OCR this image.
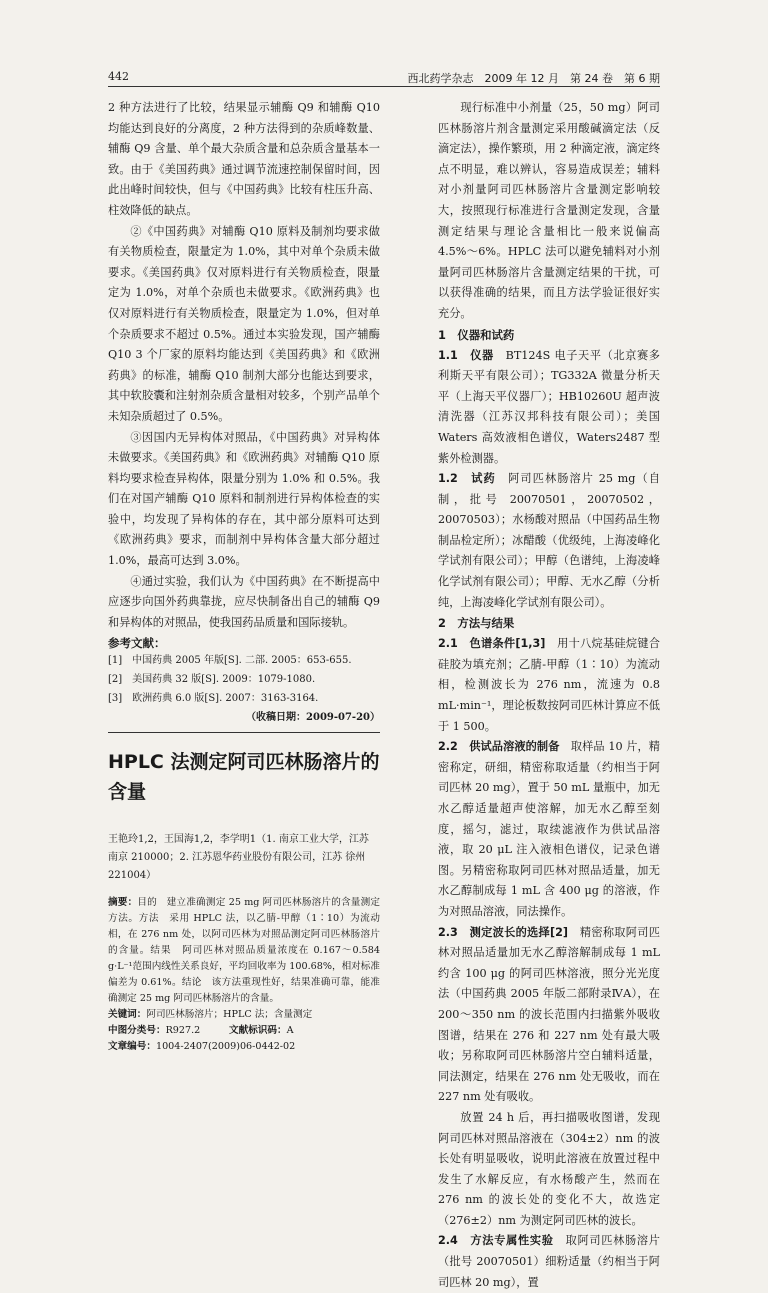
442	西北药学杂志　2009 年 12 月　第 24 卷　第 6 期

2 种方法进行了比较，结果显示辅酶 Q9 和辅酶 Q10 均能达到良好的分离度，2 种方法得到的杂质峰数量、辅酶 Q9 含量、单个最大杂质含量和总杂质含量基本一致。由于《美国药典》通过调节流速控制保留时间，因此出峰时间较快，但与《中国药典》比较有柱压升高、柱效降低的缺点。

②《中国药典》对辅酶 Q10 原料及制剂均要求做有关物质检查，限量定为 1.0%，其中对单个杂质未做要求。《美国药典》仅对原料进行有关物质检查，限量定为 1.0%，对单个杂质也未做要求。《欧洲药典》也仅对原料进行有关物质检查，限量定为 1.0%，但对单个杂质要求不超过 0.5%。通过本实验发现，国产辅酶 Q10 3 个厂家的原料均能达到《美国药典》和《欧洲药典》的标准，辅酶 Q10 制剂大部分也能达到要求，其中软胶囊和注射剂杂质含量相对较多，个别产品单个未知杂质超过了 0.5%。

③因国内无异构体对照品，《中国药典》对异构体未做要求。《美国药典》和《欧洲药典》对辅酶 Q10 原料均要求检查异构体，限量分别为 1.0% 和 0.5%。我们在对国产辅酶 Q10 原料和制剂进行异构体检查的实验中，均发现了异构体的存在，其中部分原料可达到《欧洲药典》要求，而制剂中异构体含量大部分超过 1.0%，最高可达到 3.0%。

④通过实验，我们认为《中国药典》在不断提高中应逐步向国外药典靠拢，应尽快制备出自己的辅酶 Q9 和异构体的对照品，使我国药品质量和国际接轨。

参考文献：
[1]　中国药典 2005 年版[S]. 二部. 2005：653-655.
[2]　美国药典 32 版[S]. 2009：1079-1080.
[3]　欧洲药典 6.0 版[S]. 2007：3163-3164.
（收稿日期：2009-07-20）
HPLC 法测定阿司匹林肠溶片的含量
王艳玲1,2，王国海1,2，李学明1（1. 南京工业大学，江苏 南京 210000；2. 江苏恩华药业股份有限公司，江苏 徐州 221004）
摘要：目的　建立准确测定 25 mg 阿司匹林肠溶片的含量测定方法。方法　采用 HPLC 法，以乙腈-甲醇（1∶10）为流动相，在 276 nm 处，以阿司匹林为对照品测定阿司匹林肠溶片的含量。结果　阿司匹林对照品质量浓度在 0.167～0.584 g·L⁻¹范围内线性关系良好，平均回收率为 100.68%，相对标准偏差为 0.61%。结论　该方法重现性好，结果准确可靠，能准确测定 25 mg 阿司匹林肠溶片的含量。
关键词：阿司匹林肠溶片；HPLC 法；含量测定
中图分类号：R927.2　　　	文献标识码：A
文章编号：1004-2407(2009)06-0442-02

现行标准中小剂量（25，50 mg）阿司匹林肠溶片剂含量测定采用酸碱滴定法（反滴定法），操作繁琐，用 2 种滴定液，滴定终点不明显，难以辨认，容易造成误差；辅料对小剂量阿司匹林肠溶片含量测定影响较大，按照现行标准进行含量测定发现，含量测定结果与理论含量相比一般来说偏高 4.5%～6%。HPLC 法可以避免辅料对小剂量阿司匹林肠溶片含量测定结果的干扰，可以获得准确的结果，而且方法学验证很好实充分。

1　仪器和试药

1.1　仪器　 BT124S 电子天平（北京赛多利斯天平有限公司）；TG332A 微量分析天平（上海天平仪器厂）；HB10260U 超声波清洗器（江苏汉邦科技有限公司）；美国 Waters 高效液相色谱仪，Waters2487 型紫外检测器。

1.2　试药　 阿司匹林肠溶片 25 mg（自制，批号 20070501，20070502，20070503）；水杨酸对照品（中国药品生物制品检定所）；冰醋酸（优级纯，上海凌峰化学试剂有限公司）；甲醇（色谱纯，上海凌峰化学试剂有限公司）；甲醇、无水乙醇（分析纯，上海凌峰化学试剂有限公司）。

2　方法与结果

2.1　色谱条件[1,3]　 用十八烷基硅烷键合硅胶为填充剂；乙腈-甲醇（1∶10）为流动相，检测波长为 276 nm，流速为 0.8 mL·min⁻¹，理论板数按阿司匹林计算应不低于 1 500。

2.2　供试品溶液的制备　 取样品 10 片，精密称定，研细，精密称取适量（约相当于阿司匹林 20 mg），置于 50 mL 量瓶中，加无水乙醇适量超声使溶解，加无水乙醇至刻度，摇匀，滤过，取续滤液作为供试品溶液，取 20 μL 注入液相色谱仪，记录色谱图。另精密称取阿司匹林对照品适量，加无水乙醇制成每 1 mL 含 400 μg 的溶液，作为对照品溶液，同法操作。

2.3　测定波长的选择[2]　 精密称取阿司匹林对照品适量加无水乙醇溶解制成每 1 mL 约含 100 μg 的阿司匹林溶液，照分光光度法（中国药典 2005 年版二部附录ⅣA），在 200～350 nm 的波长范围内扫描紫外吸收图谱，结果在 276 和 227 nm 处有最大吸收；另称取阿司匹林肠溶片空白辅料适量，同法测定，结果在 276 nm 处无吸收，而在 227 nm 处有吸收。

放置 24 h 后，再扫描吸收图谱，发现阿司匹林对照品溶液在（304±2）nm 的波长处有明显吸收，说明此溶液在放置过程中发生了水解反应，有水杨酸产生，然而在 276 nm 的波长处的变化不大，故选定（276±2）nm 为测定阿司匹林的波长。

2.4　方法专属性实验　 取阿司匹林肠溶片（批号 20070501）细粉适量（约相当于阿司匹林 20 mg），置
